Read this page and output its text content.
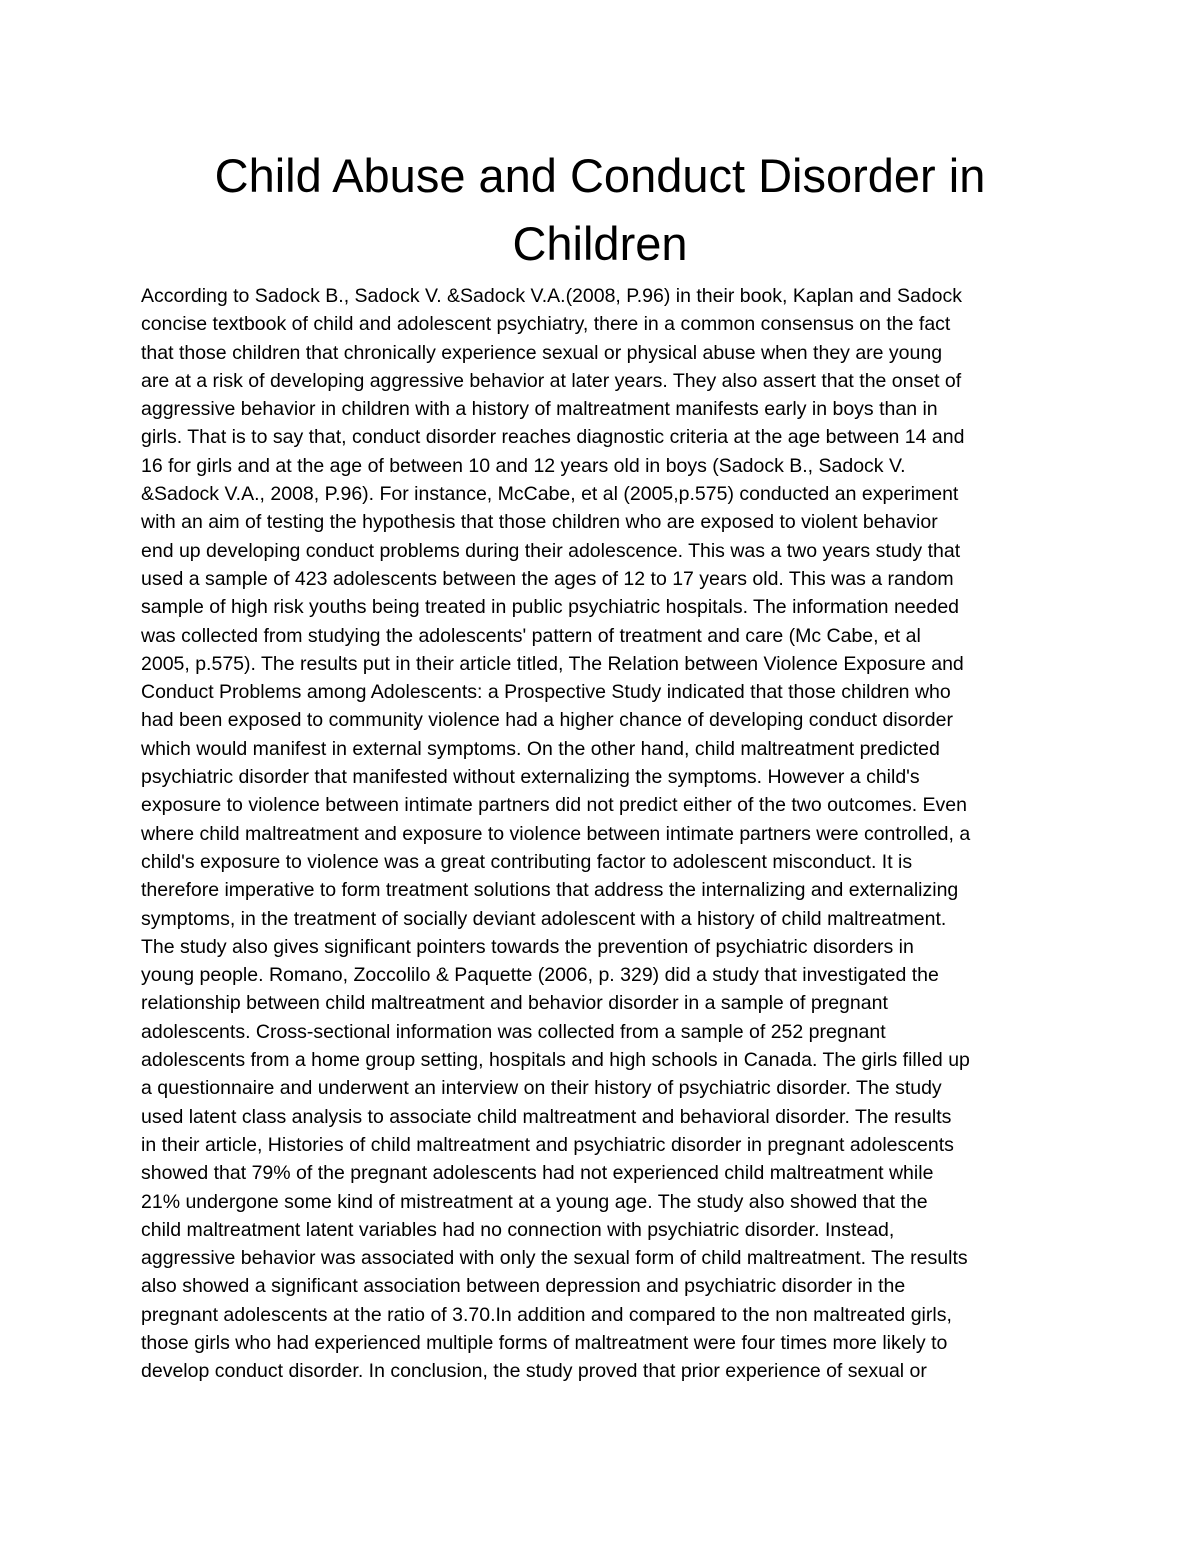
Child Abuse and Conduct Disorder in
Children
According to Sadock B., Sadock V. &Sadock V.A.(2008, P.96) in their book, Kaplan and Sadock
concise textbook of child and adolescent psychiatry, there in a common consensus on the fact
that those children that chronically experience sexual or physical abuse when they are young
are at a risk of developing aggressive behavior at later years. They also assert that the onset of
aggressive behavior in children with a history of maltreatment manifests early in boys than in
girls. That is to say that, conduct disorder reaches diagnostic criteria at the age between 14 and
16 for girls and at the age of between 10 and 12 years old in boys (Sadock B., Sadock V.
&Sadock V.A., 2008, P.96). For instance, McCabe, et al (2005,p.575) conducted an experiment
with an aim of testing the hypothesis that those children who are exposed to violent behavior
end up developing conduct problems during their adolescence. This was a two years study that
used a sample of 423 adolescents between the ages of 12 to 17 years old. This was a random
sample of high risk youths being treated in public psychiatric hospitals. The information needed
was collected from studying the adolescents' pattern of treatment and care (Mc Cabe, et al
2005, p.575). The results put in their article titled, The Relation between Violence Exposure and
Conduct Problems among Adolescents: a Prospective Study indicated that those children who
had been exposed to community violence had a higher chance of developing conduct disorder
which would manifest in external symptoms. On the other hand, child maltreatment predicted
psychiatric disorder that manifested without externalizing the symptoms. However a child's
exposure to violence between intimate partners did not predict either of the two outcomes. Even
where child maltreatment and exposure to violence between intimate partners were controlled, a
child's exposure to violence was a great contributing factor to adolescent misconduct. It is
therefore imperative to form treatment solutions that address the internalizing and externalizing
symptoms, in the treatment of socially deviant adolescent with a history of child maltreatment.
The study also gives significant pointers towards the prevention of psychiatric disorders in
young people. Romano, Zoccolilo & Paquette (2006, p. 329) did a study that investigated the
relationship between child maltreatment and behavior disorder in a sample of pregnant
adolescents. Cross-sectional information was collected from a sample of 252 pregnant
adolescents from a home group setting, hospitals and high schools in Canada. The girls filled up
a questionnaire and underwent an interview on their history of psychiatric disorder. The study
used latent class analysis to associate child maltreatment and behavioral disorder. The results
in their article, Histories of child maltreatment and psychiatric disorder in pregnant adolescents
showed that 79% of the pregnant adolescents had not experienced child maltreatment while
21% undergone some kind of mistreatment at a young age. The study also showed that the
child maltreatment latent variables had no connection with psychiatric disorder. Instead,
aggressive behavior was associated with only the sexual form of child maltreatment. The results
also showed a significant association between depression and psychiatric disorder in the
pregnant adolescents at the ratio of 3.70.In addition and compared to the non maltreated girls,
those girls who had experienced multiple forms of maltreatment were four times more likely to
develop conduct disorder. In conclusion, the study proved that prior experience of sexual or
